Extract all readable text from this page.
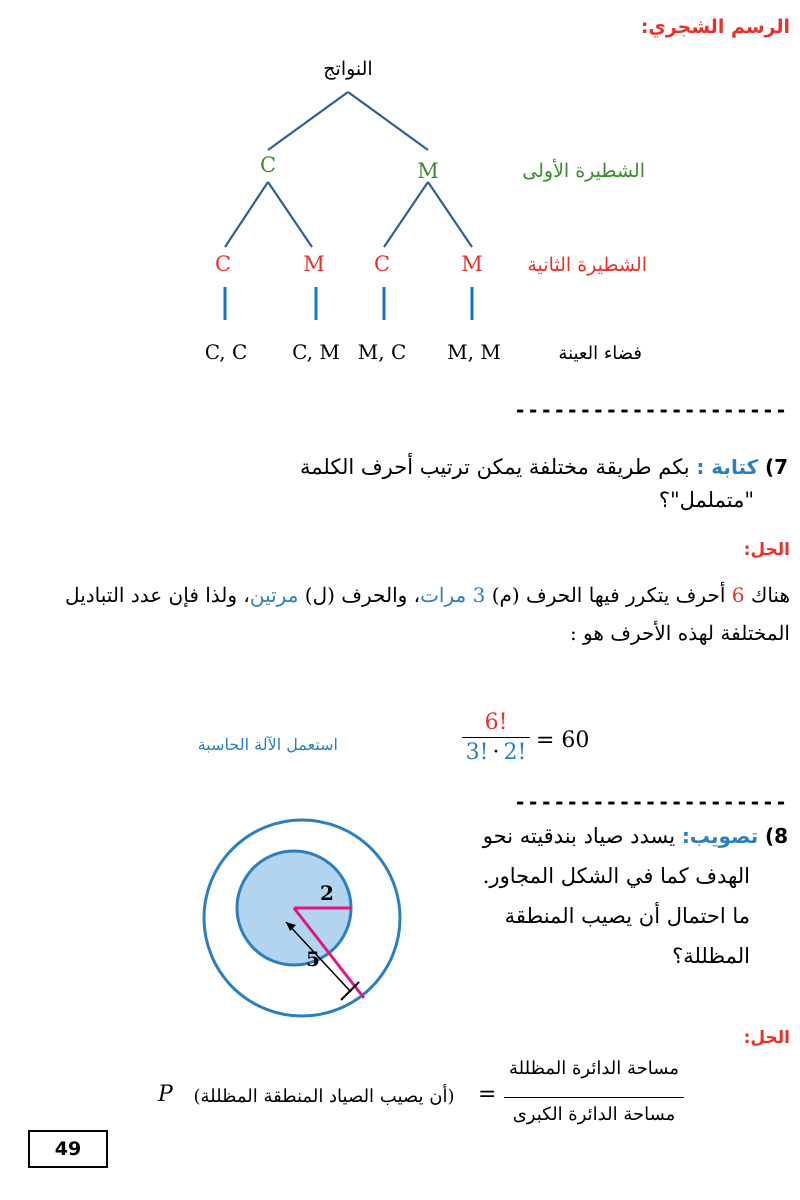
الرسم الشجري:
النواتج
C	M	الشطيرة الأولى
C	M	C	M	الشطيرة الثانية
C, C	C, M M, C	M, M	فضاء العينة
---------------------
7) كتابة : بكم طريقة مختلفة يمكن ترتيب أحرف الكلمة
"متململ"؟
الحل:
هناك 6 أحرف يتكرر فيها الحرف (م) 3 مرات، والحرف (ل) مرتين، ولذا فإن عدد التباديل المختلفة لهذه الأحرف هو :
6!
3! · 2! = 60
استعمل الآلة الحاسبة
---------------------
2
5
8) تصويب: يسدد صياد بندقيته نحو
الهدف كما في الشكل المجاور.
ما احتمال أن يصيب المنطقة
المظللة؟
الحل:
P	(أن يصيب الصياد المنطقة المظللة)	=
مساحة الدائرة المظللة
مساحة الدائرة الكبرى
49
